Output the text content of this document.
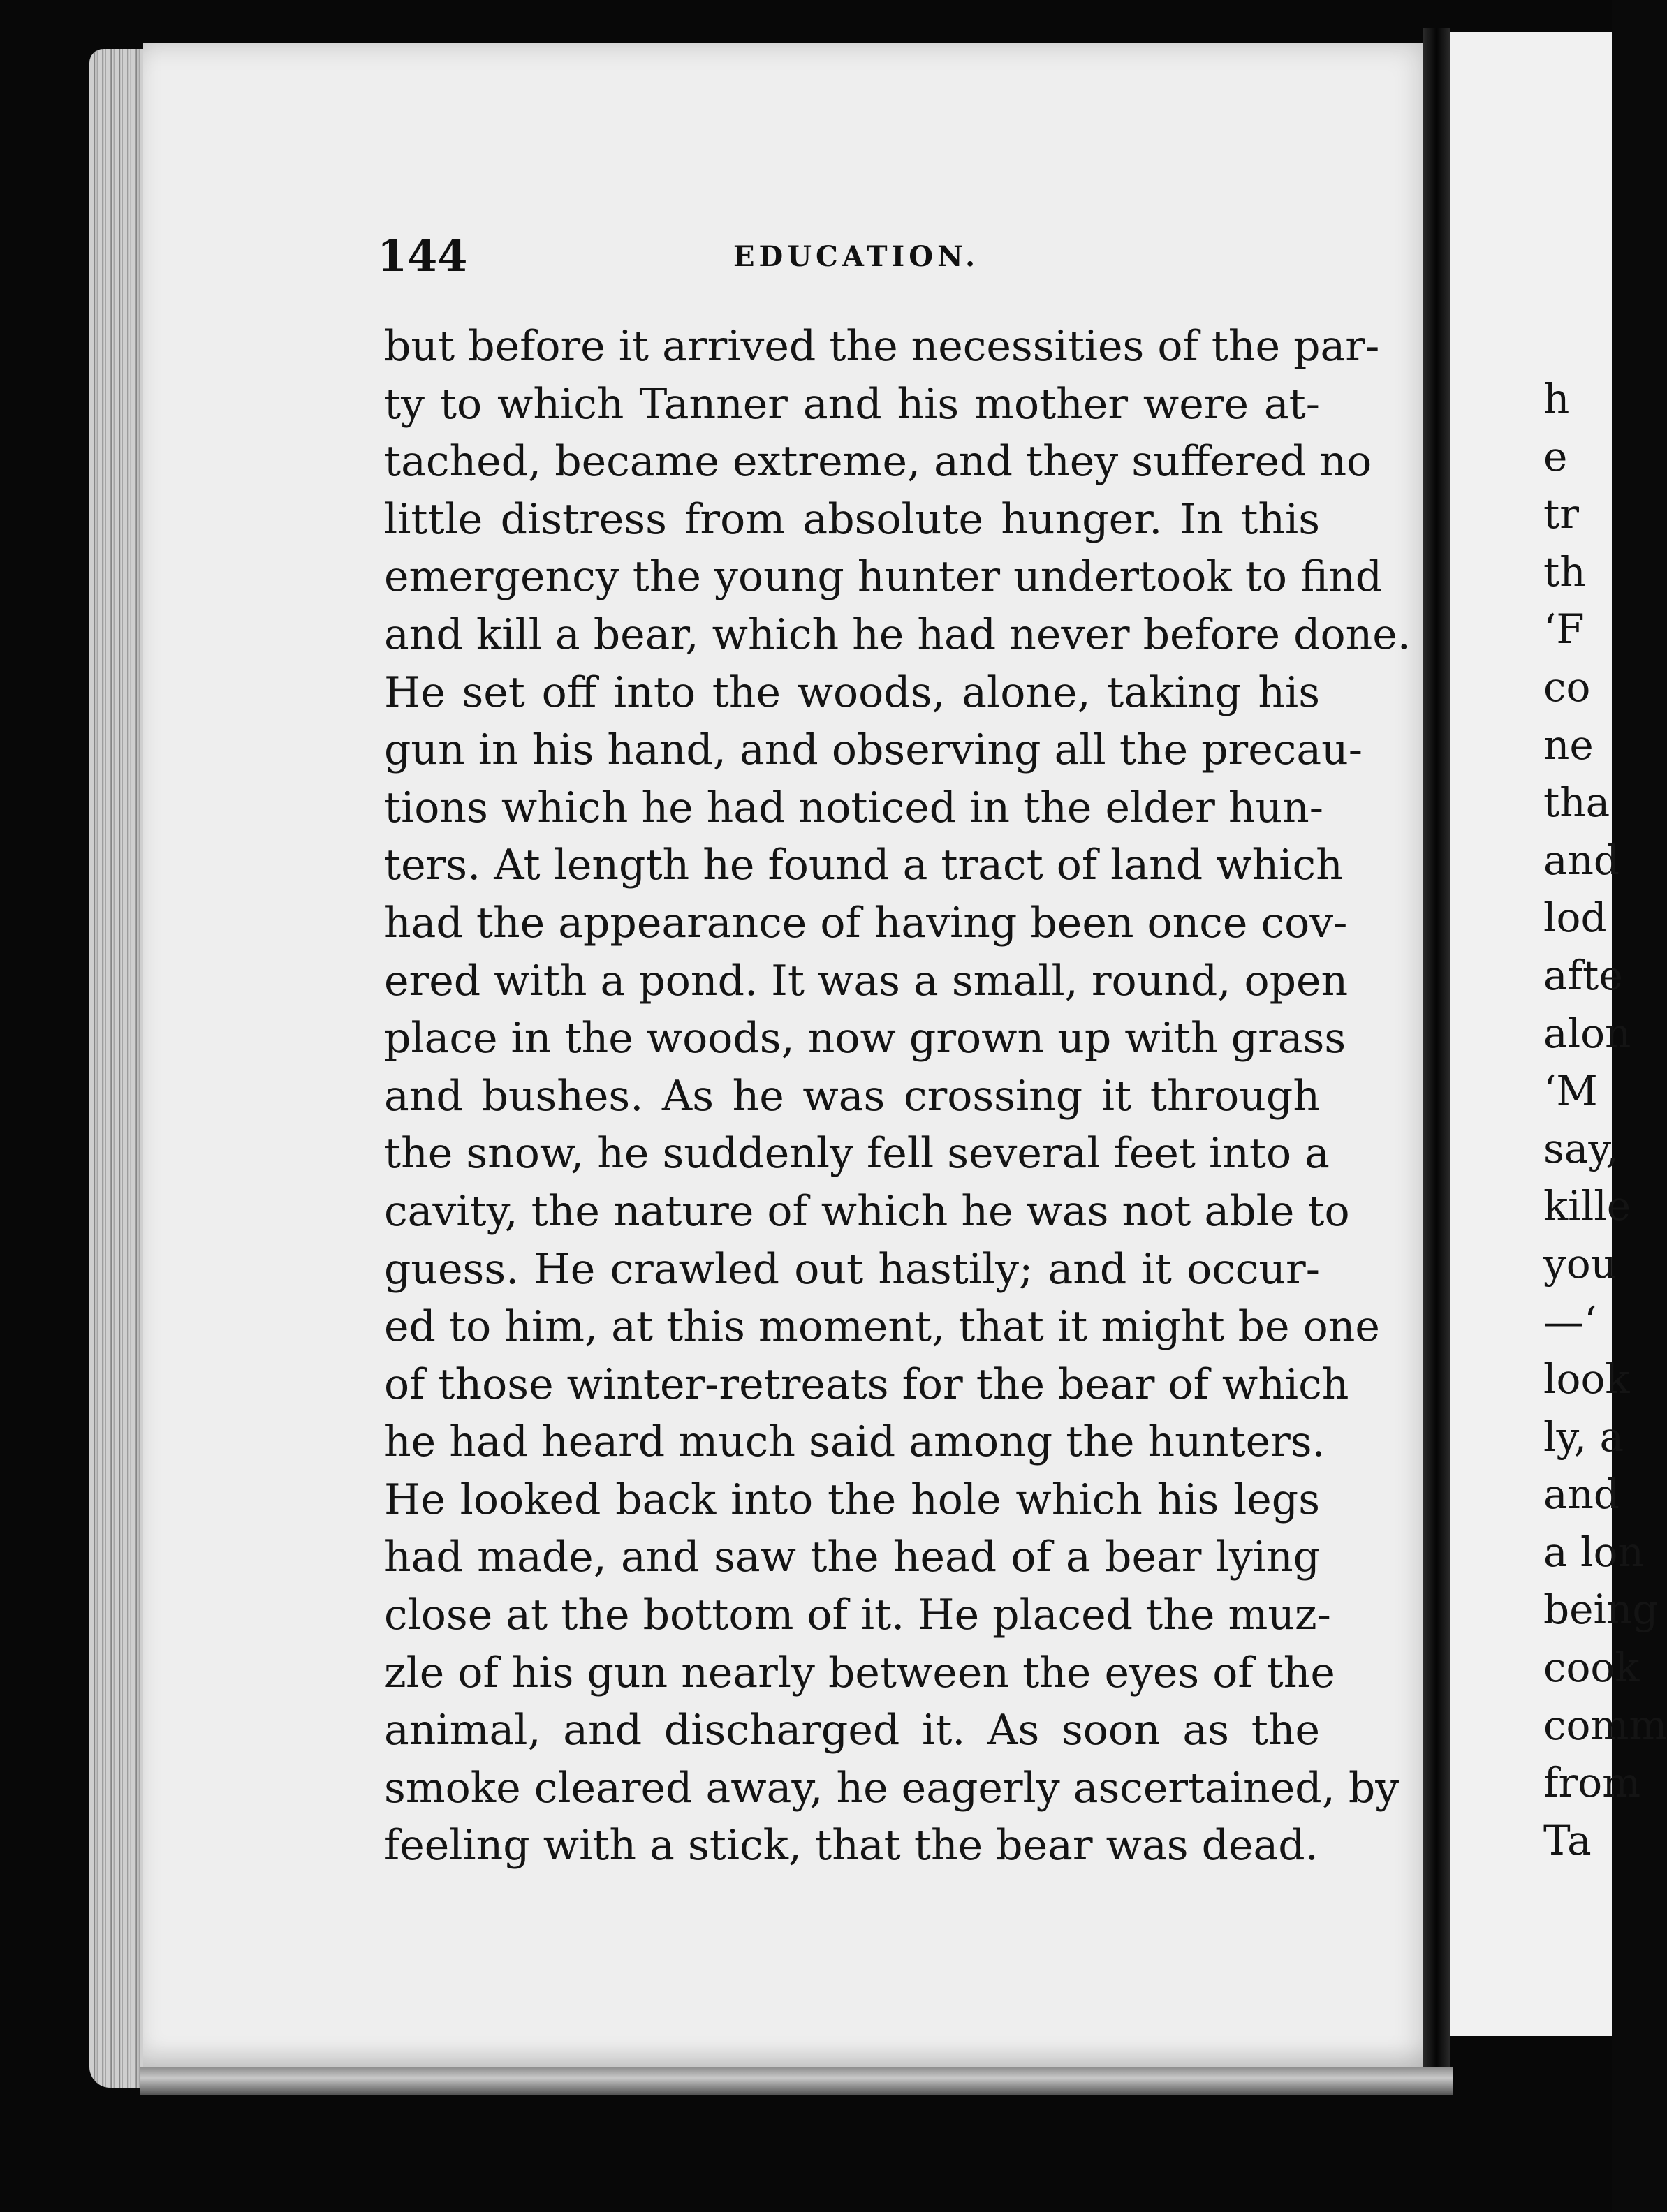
144	EDUCATION.
but before it arrived the necessities of the par-
ty to which Tanner and his mother were at-
tached, became extreme, and they suffered no
little distress from absolute hunger. In this
emergency the young hunter undertook to find
and kill a bear, which he had never before done.
He set off into the woods, alone, taking his
gun in his hand, and observing all the precau-
tions which he had noticed in the elder hun-
ters. At length he found a tract of land which
had the appearance of having been once cov-
ered with a pond. It was a small, round, open
place in the woods, now grown up with grass
and bushes. As he was crossing it through
the snow, he suddenly fell several feet into a
cavity, the nature of which he was not able to
guess. He crawled out hastily; and it occur-
ed to him, at this moment, that it might be one
of those winter-retreats for the bear of which
he had heard much said among the hunters.
He looked back into the hole which his legs
had made, and saw the head of a bear lying
close at the bottom of it. He placed the muz-
zle of his gun nearly between the eyes of the
animal, and discharged it. As soon as the
smoke cleared away, he eagerly ascertained, by
feeling with a stick, that the bear was dead.
h
e
tr
th
‘F
co
ne
tha
and
lod
afte
alon
‘M
say,
kille
you
—‘
look
ly, a
and
a lon
being
cook
comm
from
Ta
